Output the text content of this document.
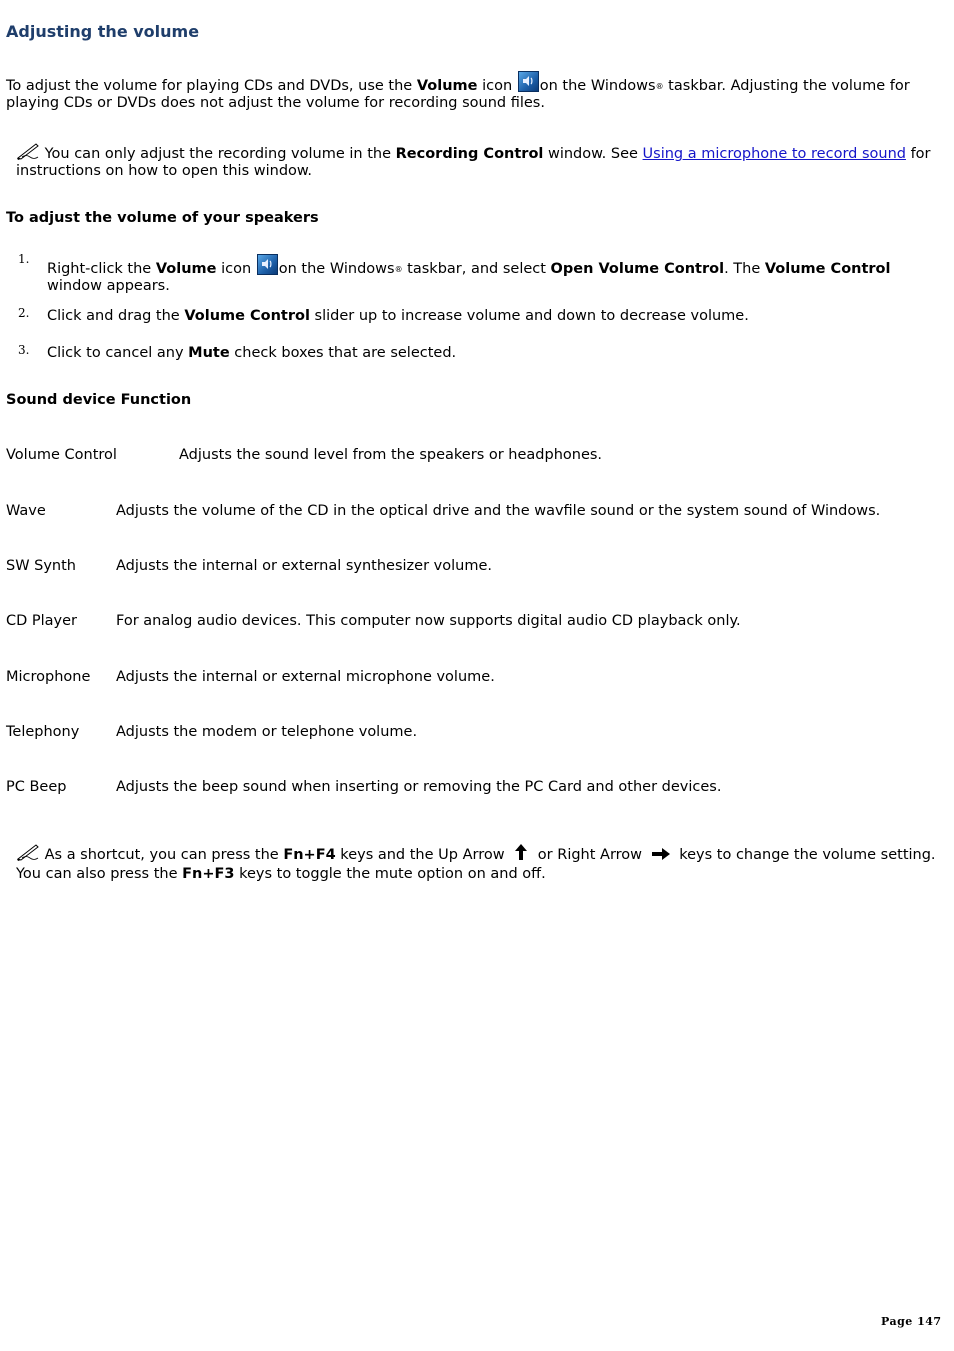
Adjusting the volume

To adjust the volume for playing CDs and DVDs, use the Volume icon
on the Windows® taskbar. Adjusting the volume for playing CDs or DVDs does not adjust the volume for recording sound files.

You can only adjust the recording volume in the Recording Control window. See Using a microphone to record sound for instructions on how to open this window.

To adjust the volume of your speakers

1.
Right-click the Volume icon
on the Windows® taskbar, and select Open Volume Control. The Volume Control window appears.
2. Click and drag the Volume Control slider up to increase volume and down to decrease volume.
3. Click to cancel any Mute check boxes that are selected.

Sound device Function

Volume Control	Adjusts the sound level from the speakers or headphones.
Wave	Adjusts the volume of the CD in the optical drive and the wavfile sound or the system sound of Windows.
SW Synth	Adjusts the internal or external synthesizer volume.
CD Player	For analog audio devices. This computer now supports digital audio CD playback only.
Microphone Adjusts the internal or external microphone volume.
Telephony	Adjusts the modem or telephone volume.
PC Beep	Adjusts the beep sound when inserting or removing the PC Card and other devices.

As a shortcut, you can press the Fn+F4 keys and the Up Arrow  or Right Arrow  keys to change the volume setting. You can also press the Fn+F3 keys to toggle the mute option on and off.

Page 147
